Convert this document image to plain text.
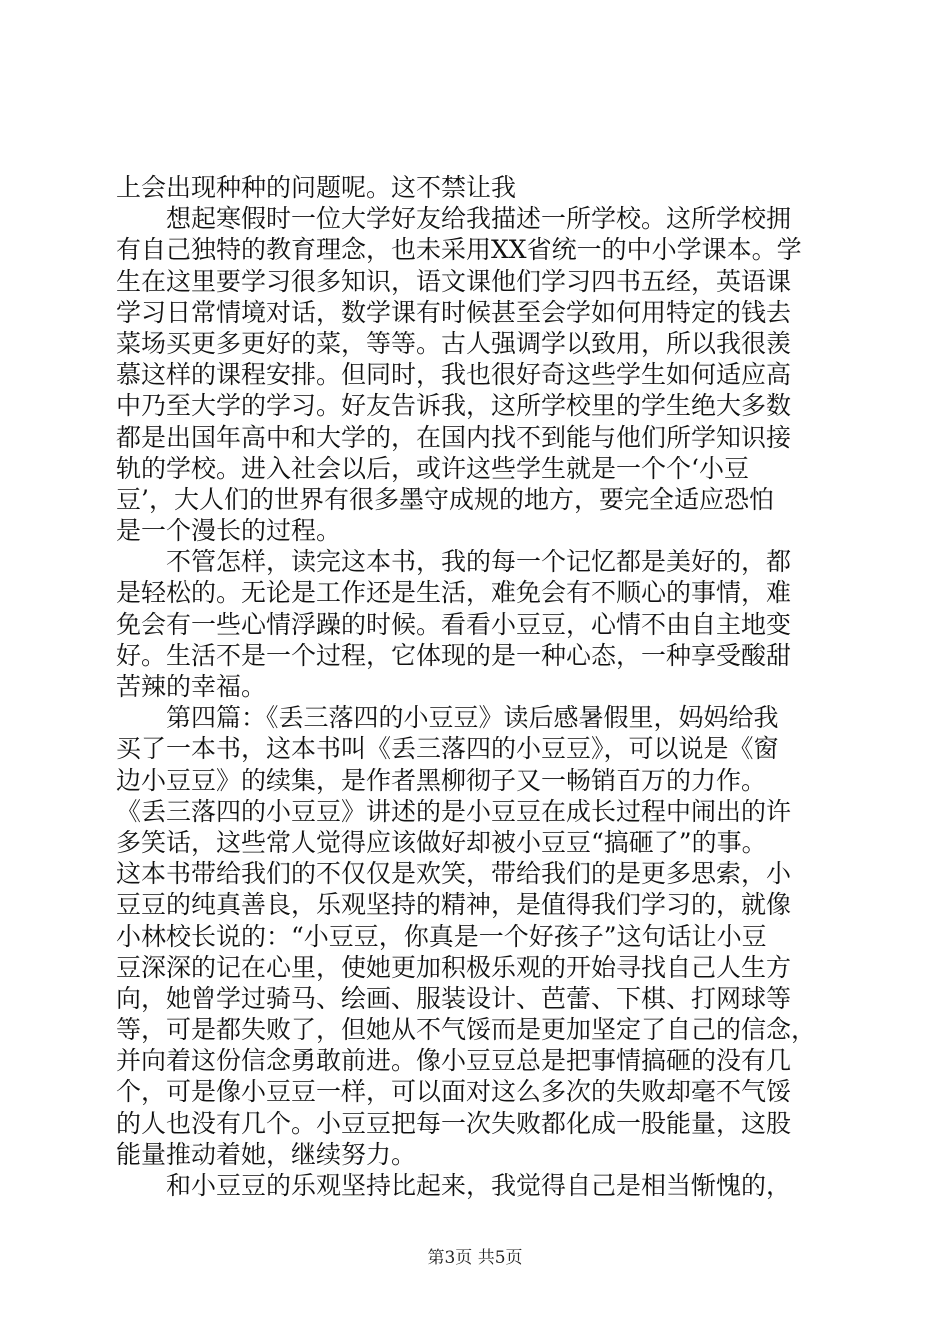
上会出现种种的问题呢。这不禁让我
　　想起寒假时一位大学好友给我描述一所学校。这所学校拥
有自己独特的教育理念，也未采用XX省统一的中小学课本。学
生在这里要学习很多知识，语文课他们学习四书五经，英语课
学习日常情境对话，数学课有时候甚至会学如何用特定的钱去
菜场买更多更好的菜，等等。古人强调学以致用，所以我很羡
慕这样的课程安排。但同时，我也很好奇这些学生如何适应高
中乃至大学的学习。好友告诉我，这所学校里的学生绝大多数
都是出国年高中和大学的，在国内找不到能与他们所学知识接
轨的学校。进入社会以后，或许这些学生就是一个个‘小豆
豆’，大人们的世界有很多墨守成规的地方，要完全适应恐怕
是一个漫长的过程。
　　不管怎样，读完这本书，我的每一个记忆都是美好的，都
是轻松的。无论是工作还是生活，难免会有不顺心的事情，难
免会有一些心情浮躁的时候。看看小豆豆，心情不由自主地变
好。生活不是一个过程，它体现的是一种心态，一种享受酸甜
苦辣的幸福。
　　第四篇：《丢三落四的小豆豆》读后感暑假里，妈妈给我
买了一本书，这本书叫《丢三落四的小豆豆》，可以说是《窗
边小豆豆》的续集，是作者黑柳彻子又一畅销百万的力作。
《丢三落四的小豆豆》讲述的是小豆豆在成长过程中闹出的许
多笑话，这些常人觉得应该做好却被小豆豆“搞砸了”的事。
这本书带给我们的不仅仅是欢笑，带给我们的是更多思索，小
豆豆的纯真善良，乐观坚持的精神，是值得我们学习的，就像
小林校长说的：“小豆豆，你真是一个好孩子”这句话让小豆
豆深深的记在心里，使她更加积极乐观的开始寻找自己人生方
向，她曾学过骑马、绘画、服装设计、芭蕾、下棋、打网球等
等，可是都失败了，但她从不气馁而是更加坚定了自己的信念，
并向着这份信念勇敢前进。像小豆豆总是把事情搞砸的没有几
个，可是像小豆豆一样，可以面对这么多次的失败却毫不气馁
的人也没有几个。小豆豆把每一次失败都化成一股能量，这股
能量推动着她，继续努力。
　　和小豆豆的乐观坚持比起来，我觉得自己是相当惭愧的，
第3页 共5页
